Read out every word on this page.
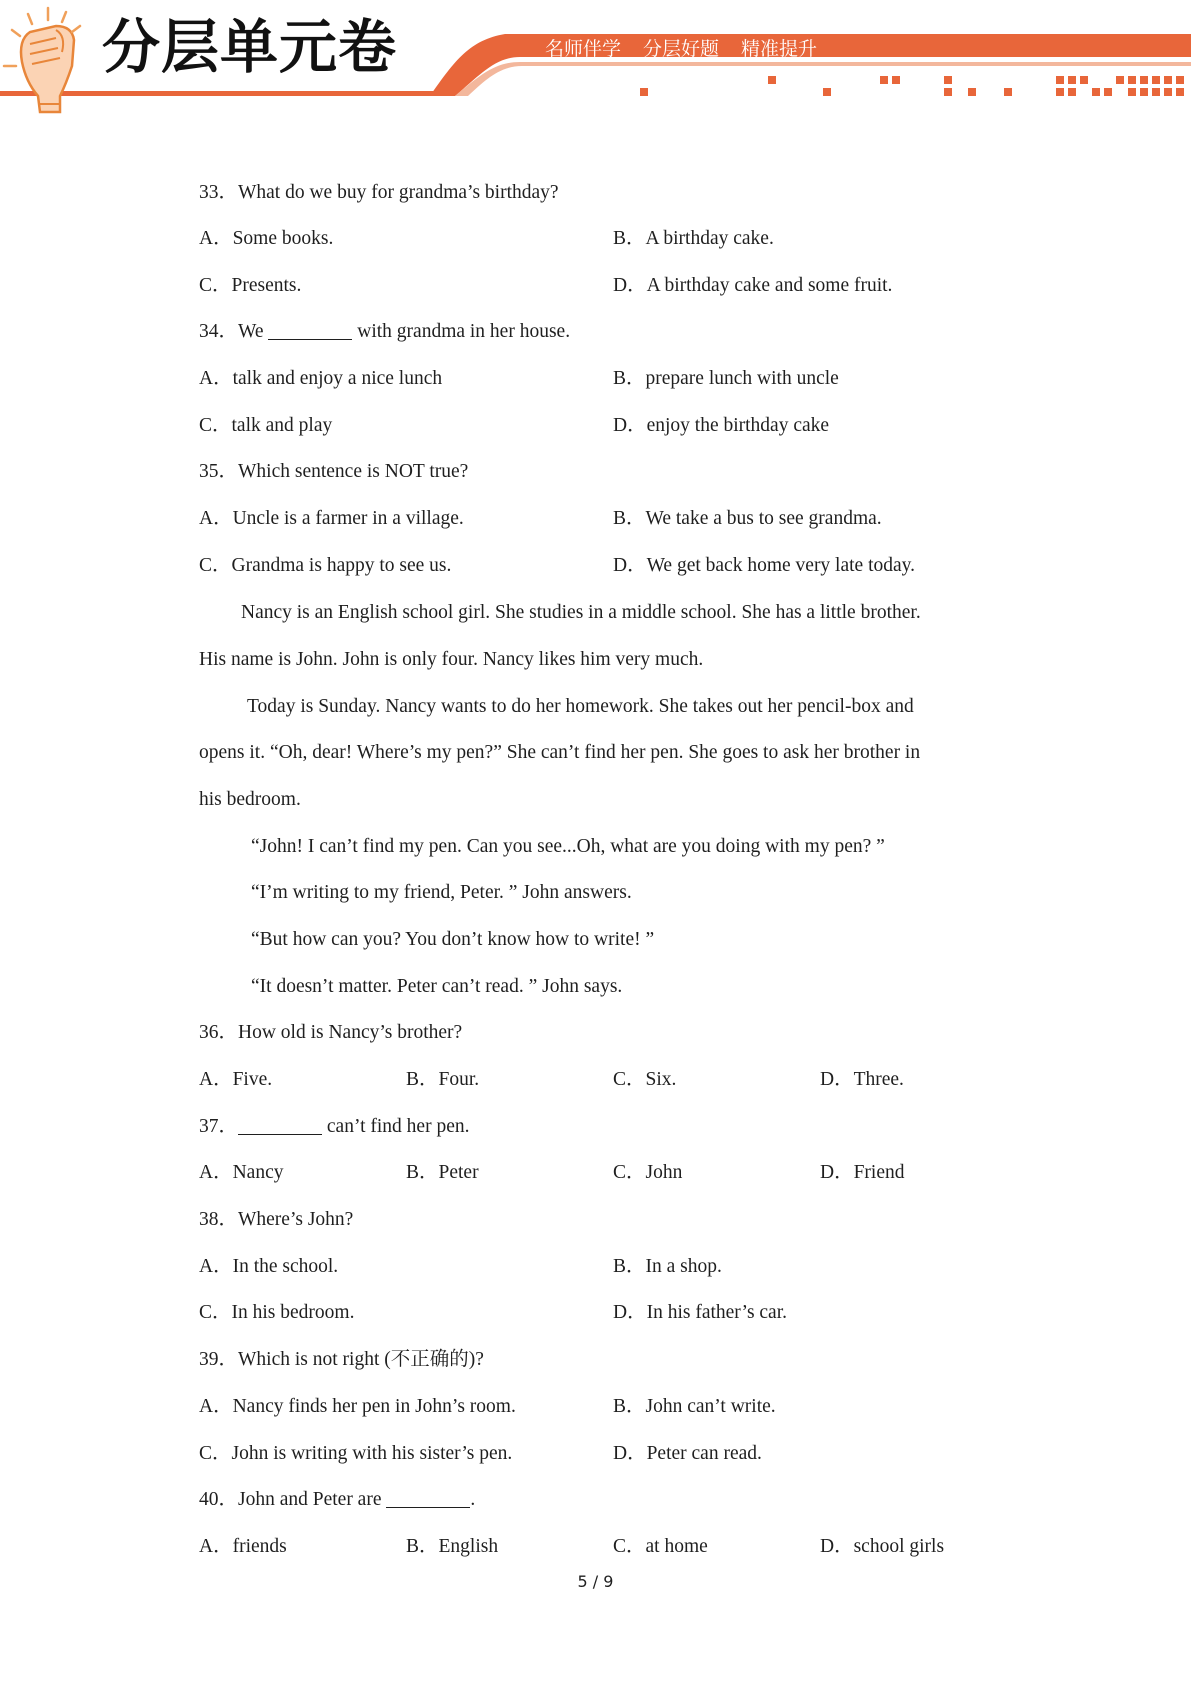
分层单元卷	名师伴学 分层好题 精准提升
33．What do we buy for grandma’s birthday?
A．Some books.	B．A birthday cake.
C．Presents.	D．A birthday cake and some fruit.
34．We	with grandma in her house.
A．talk and enjoy a nice lunch	B．prepare lunch with uncle
C．talk and play	D．enjoy the birthday cake
35．Which sentence is NOT true?
A．Uncle is a farmer in a village.	B．We take a bus to see grandma.
C．Grandma is happy to see us.	D．We get back home very late today.
Nancy is an English school girl. She studies in a middle school. She has a little brother.
His name is John. John is only four. Nancy likes him very much.
Today is Sunday. Nancy wants to do her homework. She takes out her pencil-box and
opens it. “Oh, dear! Where’s my pen?” She can’t find her pen. She goes to ask her brother in
his bedroom.
“John! I can’t find my pen. Can you see...Oh, what are you doing with my pen? ”
“I’m writing to my friend, Peter. ” John answers.
“But how can you? You don’t know how to write! ”
“It doesn’t matter. Peter can’t read. ” John says.
36．How old is Nancy’s brother?
A．Five.	B．Four.	C．Six.	D．Three.
37．	can’t find her pen.
A．Nancy	B．Peter	C．John	D．Friend
38．Where’s John?
A．In the school.	B．In a shop.
C．In his bedroom.	D．In his father’s car.
39．Which is not right (不正确的)?
A．Nancy finds her pen in John’s room.	B．John can’t write.
C．John is writing with his sister’s pen.	D．Peter can read.
40．John and Peter are	.
A．friends	B．English	C．at home	D．school girls
5 / 9
